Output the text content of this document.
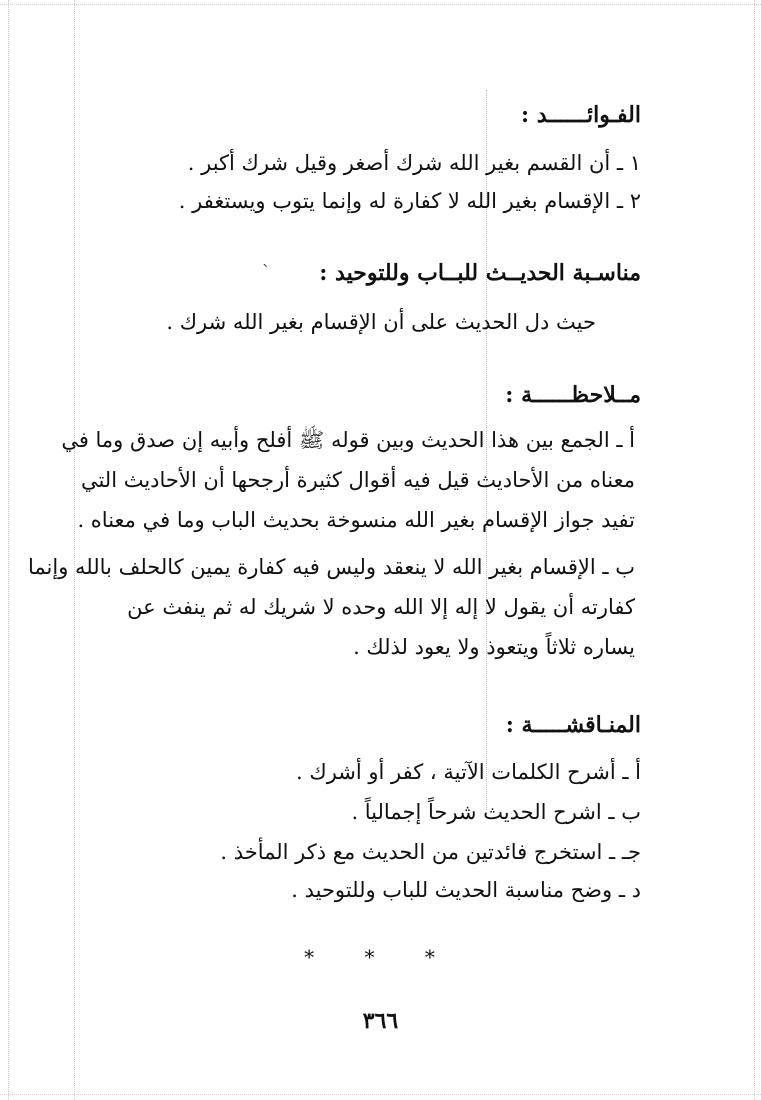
الفـوائــــــد :
١ ـ أن القسم بغير الله شرك أصغر وقيل شرك أكبر .
٢ ـ الإقسام بغير الله لا كفارة له وإنما يتوب ويستغفر .
ˋ مناسـبة الحديــث للبــاب وللتوحيد :
حيث دل الحديث على أن الإقسام بغير الله شرك .
مــلاحظــــــة :
أ ـ الجمع بين هذا الحديث وبين قوله ﷺ أفلح وأبيه إن صدق وما في
معناه من الأحاديث قيل فيه أقوال كثيرة أرجحها أن الأحاديث التي
تفيد جواز الإقسام بغير الله منسوخة بحديث الباب وما في معناه .
ب ـ الإقسام بغير الله لا ينعقد وليس فيه كفارة يمين كالحلف بالله وإنما
كفارته أن يقول لا إله إلا الله وحده لا شريك له ثم ينفث عن
يساره ثلاثاً ويتعوذ ولا يعود لذلك .
المنـاقشـــــة :
أ ـ أشرح الكلمات الآتية ، كفر أو أشرك .
ب ـ اشرح الحديث شرحاً إجمالياً .
جـ ـ استخرج فائدتين من الحديث مع ذكر المأخذ .
د ـ وضح مناسبة الحديث للباب وللتوحيد .
* * *
٣٦٦
